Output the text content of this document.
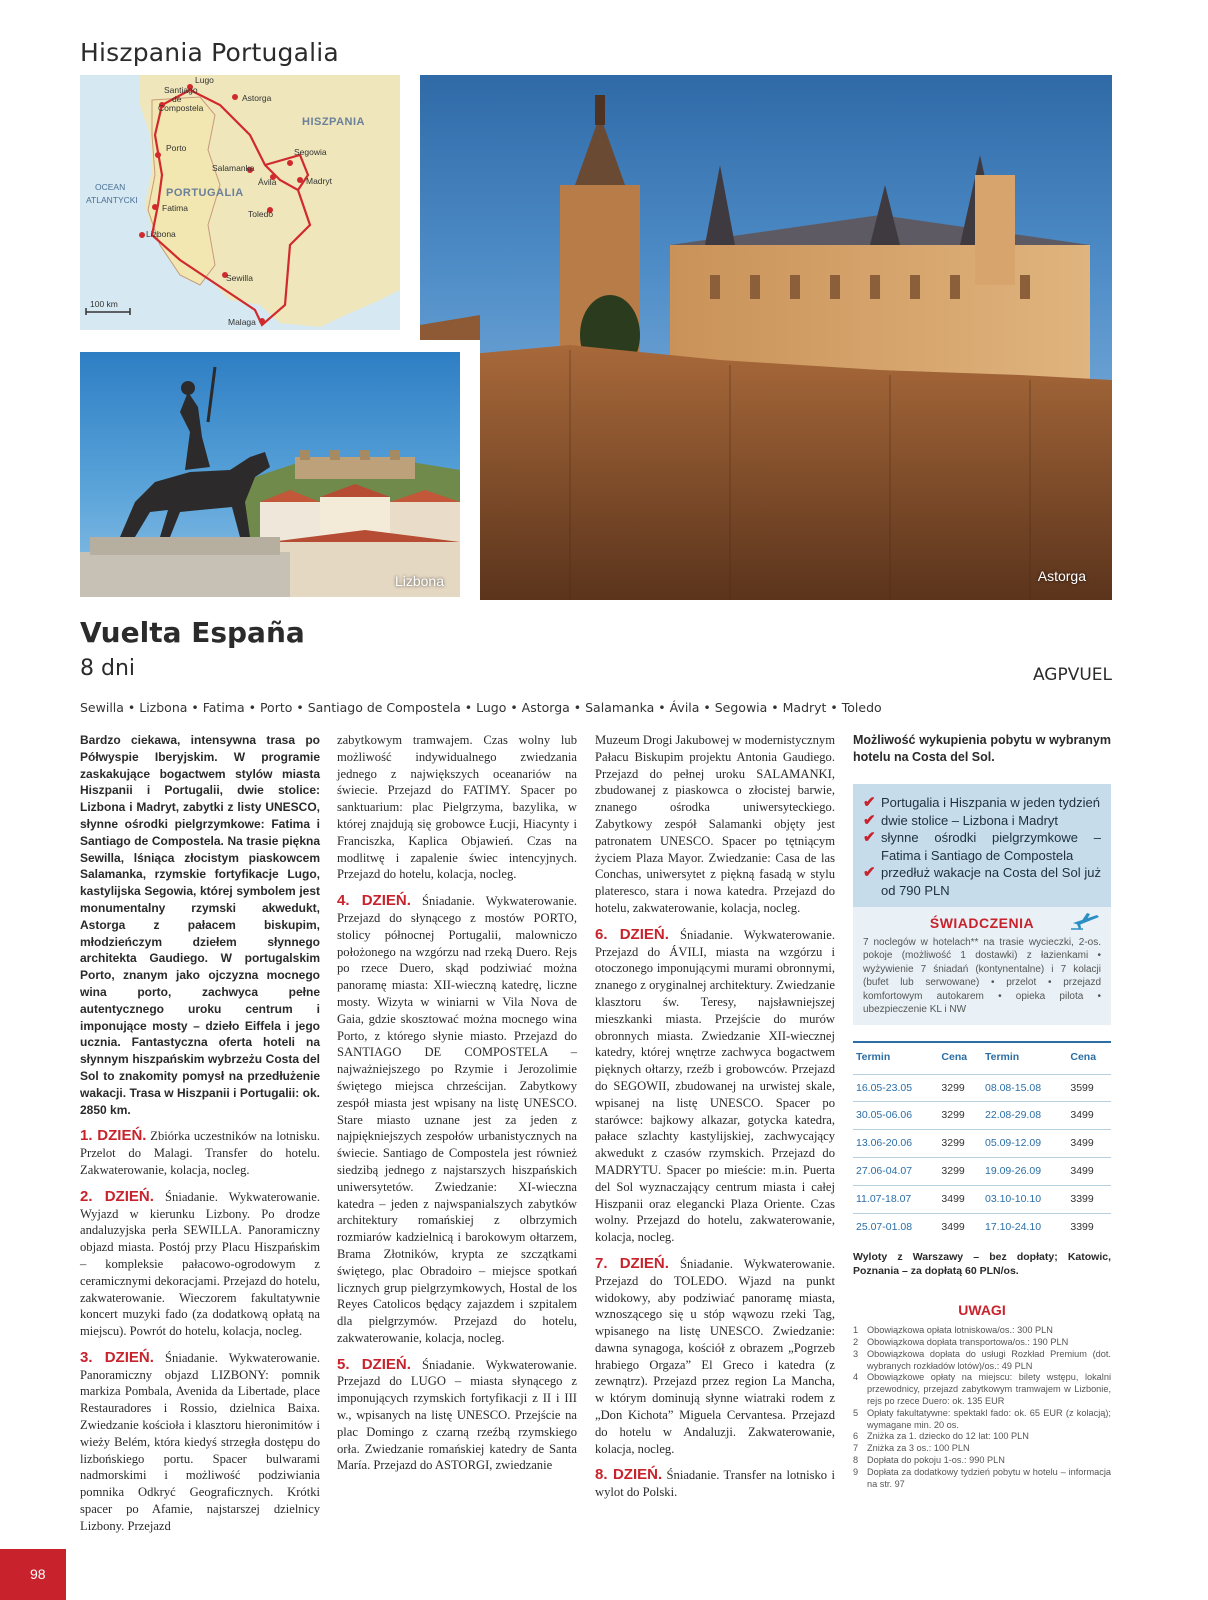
Hiszpania Portugalia
Lugo
Santiago
de
Compostela
Astorga
HISZPANIA
Porto	Segowia
Salamanka
Madryt
Ávila
OCEAN
ATLANTYCKI
PORTUGALIA
Fatima
Toledo
Lizbona
Sewilla
100 km
Malaga
Astorga
Lizbona
Vuelta España
8 dni	AGPVUEL
Sewilla • Lizbona • Fatima • Porto • Santiago de Compostela • Lugo • Astorga • Salamanka • Ávila • Segowia • Madryt • Toledo
Bardzo ciekawa, intensywna trasa po Półwyspie Iberyjskim. W programie zaskakujące bogactwem stylów miasta Hiszpanii i Portugalii, dwie stolice: Lizbona i Madryt, zabytki z listy UNESCO, słynne ośrodki pielgrzymkowe: Fatima i Santiago de Compostela. Na trasie piękna Sewilla, lśniąca złocistym piaskowcem Salamanka, rzymskie fortyfikacje Lugo, kastylijska Segowia, której symbolem jest monumentalny rzymski akwedukt, Astorga z pałacem biskupim, młodzieńczym dziełem słynnego architekta Gaudiego. W portugalskim Porto, znanym jako ojczyzna mocnego wina porto, zachwyca pełne autentycznego uroku centrum i imponujące mosty – dzieło Eiffela i jego ucznia. Fantastyczna oferta hoteli na słynnym hiszpańskim wybrzeżu Costa del Sol to znakomity pomysł na przedłużenie wakacji. Trasa w Hiszpanii i Portugalii: ok. 2850 km.
1. DZIEŃ. Zbiórka uczestników na lotnisku. Przelot do Malagi. Transfer do hotelu. Zakwaterowanie, kolacja, nocleg.
2. DZIEŃ. Śniadanie. Wykwaterowanie. Wyjazd w kierunku Lizbony. Po drodze andaluzyjska perła SEWILLA. Panoramiczny objazd miasta. Postój przy Placu Hiszpańskim – kompleksie pałacowo-ogrodowym z ceramicznymi dekoracjami. Przejazd do hotelu, zakwaterowanie. Wieczorem fakultatywnie koncert muzyki fado (za dodatkową opłatą na miejscu). Powrót do hotelu, kolacja, nocleg.
3. DZIEŃ. Śniadanie. Wykwaterowanie. Panoramiczny objazd LIZBONY: pomnik markiza Pombala, Avenida da Libertade, place Restauradores i Rossio, dzielnica Baixa. Zwiedzanie kościoła i klasztoru hieronimitów i wieży Belém, która kiedyś strzegła dostępu do lizbońskiego portu. Spacer bulwarami nadmorskimi i możliwość podziwiania pomnika Odkryć Geograficznych. Krótki spacer po Afamie, najstarszej dzielnicy Lizbony. Przejazd
zabytkowym tramwajem. Czas wolny lub możliwość indywidualnego zwiedzania jednego z największych oceanariów na świecie. Przejazd do FATIMY. Spacer po sanktuarium: plac Pielgrzyma, bazylika, w której znajdują się grobowce Łucji, Hiacynty i Franciszka, Kaplica Objawień. Czas na modlitwę i zapalenie świec intencyjnych. Przejazd do hotelu, kolacja, nocleg.
4. DZIEŃ. Śniadanie. Wykwaterowanie. Przejazd do słynącego z mostów PORTO, stolicy północnej Portugalii, malowniczo położonego na wzgórzu nad rzeką Duero. Rejs po rzece Duero, skąd podziwiać można panoramę miasta: XII-wieczną katedrę, liczne mosty. Wizyta w winiarni w Vila Nova de Gaia, gdzie skosztować można mocnego wina Porto, z którego słynie miasto. Przejazd do SANTIAGO DE COMPOSTELA – najważniejszego po Rzymie i Jerozolimie świętego miejsca chrześcijan. Zabytkowy zespół miasta jest wpisany na listę UNESCO. Stare miasto uznane jest za jeden z najpiękniejszych zespołów urbanistycznych na świecie. Santiago de Compostela jest również siedzibą jednego z najstarszych hiszpańskich uniwersytetów. Zwiedzanie: XI-wieczna katedra – jeden z najwspanialszych zabytków architektury romańskiej z olbrzymich rozmiarów kadzielnicą i barokowym ołtarzem, Brama Złotników, krypta ze szczątkami świętego, plac Obradoiro – miejsce spotkań licznych grup pielgrzymkowych, Hostal de los Reyes Catolicos będący zajazdem i szpitalem dla pielgrzymów. Przejazd do hotelu, zakwaterowanie, kolacja, nocleg.
5. DZIEŃ. Śniadanie. Wykwaterowanie. Przejazd do LUGO – miasta słynącego z imponujących rzymskich fortyfikacji z II i III w., wpisanych na listę UNESCO. Przejście na plac Domingo z czarną rzeźbą rzymskiego orła. Zwiedzanie romańskiej katedry de Santa María. Przejazd do ASTORGI, zwiedzanie
Muzeum Drogi Jakubowej w modernistycznym Pałacu Biskupim projektu Antonia Gaudiego. Przejazd do pełnej uroku SALAMANKI, zbudowanej z piaskowca o złocistej barwie, znanego ośrodka uniwersyteckiego. Zabytkowy zespół Salamanki objęty jest patronatem UNESCO. Spacer po tętniącym życiem Plaza Mayor. Zwiedzanie: Casa de las Conchas, uniwersytet z piękną fasadą w stylu plateresco, stara i nowa katedra. Przejazd do hotelu, zakwaterowanie, kolacja, nocleg.
6. DZIEŃ. Śniadanie. Wykwaterowanie. Przejazd do ÁVILI, miasta na wzgórzu i otoczonego imponującymi murami obronnymi, znanego z oryginalnej architektury. Zwiedzanie klasztoru św. Teresy, najsławniejszej mieszkanki miasta. Przejście do murów obronnych miasta. Zwiedzanie XII-wiecznej katedry, której wnętrze zachwyca bogactwem pięknych ołtarzy, rzeźb i grobowców. Przejazd do SEGOWII, zbudowanej na urwistej skale, wpisanej na listę UNESCO. Spacer po starówce: bajkowy alkazar, gotycka katedra, pałace szlachty kastylijskiej, zachwycający akwedukt z czasów rzymskich. Przejazd do MADRYTU. Spacer po mieście: m.in. Puerta del Sol wyznaczający centrum miasta i całej Hiszpanii oraz elegancki Plaza Oriente. Czas wolny. Przejazd do hotelu, zakwaterowanie, kolacja, nocleg.
7. DZIEŃ. Śniadanie. Wykwaterowanie. Przejazd do TOLEDO. Wjazd na punkt widokowy, aby podziwiać panoramę miasta, wznoszącego się u stóp wąwozu rzeki Tag, wpisanego na listę UNESCO. Zwiedzanie: dawna synagoga, kościół z obrazem „Pogrzeb hrabiego Orgaza” El Greco i katedra (z zewnątrz). Przejazd przez region La Mancha, w którym dominują słynne wiatraki rodem z „Don Kichota” Miguela Cervantesa. Przejazd do hotelu w Andaluzji. Zakwaterowanie, kolacja, nocleg.
8. DZIEŃ. Śniadanie. Transfer na lotnisko i wylot do Polski.
Możliwość wykupienia pobytu w wybranym hotelu na Costa del Sol.
✔ Portugalia i Hiszpania w jeden tydzień
✔ dwie stolice – Lizbona i Madryt
✔ słynne ośrodki pielgrzymkowe – Fatima i Santiago de Compostela
✔ przedłuż wakacje na Costa del Sol już od 790 PLN
ŚWIADCZENIA
7 noclegów w hotelach** na trasie wycieczki, 2-os. pokoje (możliwość 1 dostawki) z łazienkami • wyżywienie 7 śniadań (kontynentalne) i 7 kolacji (bufet lub serwowane) • przelot • przejazd komfortowym autokarem • opieka pilota • ubezpieczenie KL i NW
Termin	Cena	Termin	Cena
16.05-23.05	3299	08.08-15.08	3599
30.05-06.06	3299	22.08-29.08	3499
13.06-20.06	3299	05.09-12.09	3499
27.06-04.07	3299	19.09-26.09	3499
11.07-18.07	3499	03.10-10.10	3399
25.07-01.08	3499	17.10-24.10	3399
Wyloty z Warszawy – bez dopłaty; Katowic, Poznania – za dopłatą 60 PLN/os.
UWAGI
1 Obowiązkowa opłata lotniskowa/os.: 300 PLN
2 Obowiązkowa dopłata transportowa/os.: 190 PLN
3 Obowiązkowa dopłata do usługi Rozkład Premium (dot. wybranych rozkładów lotów)/os.: 49 PLN
4 Obowiązkowe opłaty na miejscu: bilety wstępu, lokalni przewodnicy, przejazd zabytkowym tramwajem w Lizbonie, rejs po rzece Duero: ok. 135 EUR
5 Opłaty fakultatywne: spektakl fado: ok. 65 EUR (z kolacją); wymagane min. 20 os.
6 Zniżka za 1. dziecko do 12 lat: 100 PLN
7 Zniżka za 3 os.: 100 PLN
8 Dopłata do pokoju 1-os.: 990 PLN
9 Dopłata za dodatkowy tydzień pobytu w hotelu – informacja na str. 97
98
